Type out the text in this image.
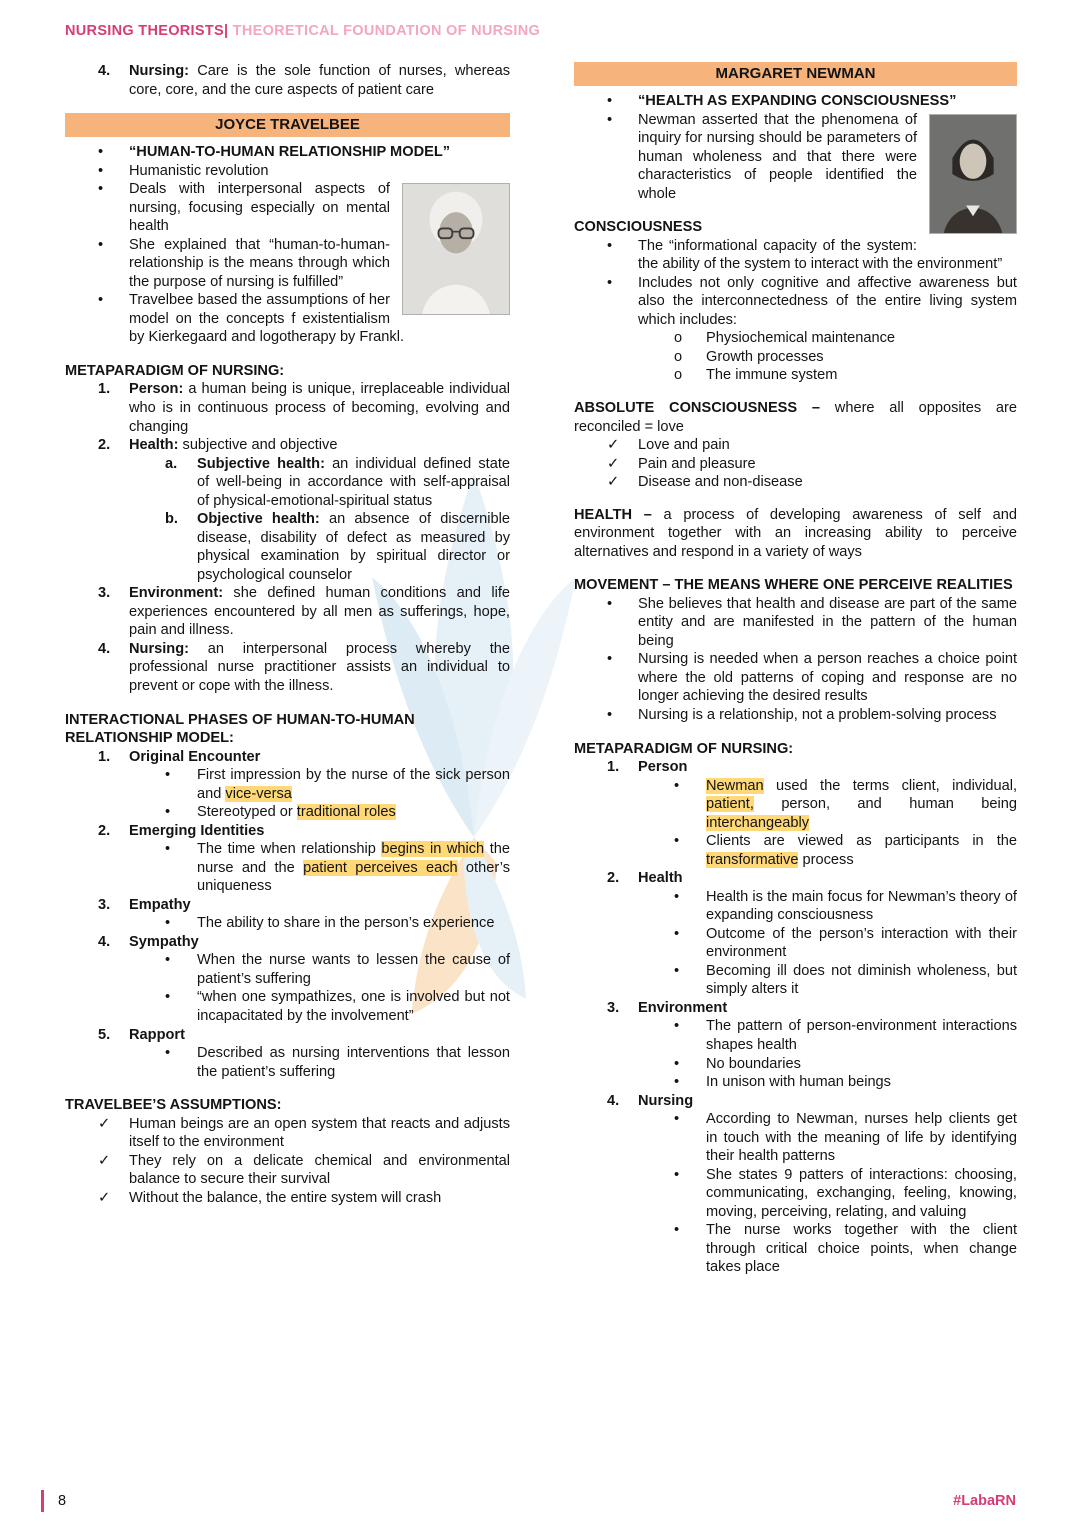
NURSING THEORISTS| THEORETICAL FOUNDATION OF NURSING
4. Nursing: Care is the sole function of nurses, whereas core, core, and the cure aspects of patient care
JOYCE TRAVELBEE
• “HUMAN-TO-HUMAN RELATIONSHIP MODEL”
• Humanistic revolution
• Deals with interpersonal aspects of nursing, focusing especially on mental health
• She explained that “human-to-human-relationship is the means through which the purpose of nursing is fulfilled”
• Travelbee based the assumptions of her model on the concepts f existentialism by Kierkegaard and logotherapy by Frankl.
METAPARADIGM OF NURSING:
1. Person: a human being is unique, irreplaceable individual who is in continuous process of becoming, evolving and changing
2. Health: subjective and objective
a. Subjective health: an individual defined state of well-being in accordance with self-appraisal of physical-emotional-spiritual status
b. Objective health: an absence of discernible disease, disability of defect as measured by physical examination by spiritual director or psychological counselor
3. Environment: she defined human conditions and life experiences encountered by all men as sufferings, hope, pain and illness.
4. Nursing: an interpersonal process whereby the professional nurse practitioner assists an individual to prevent or cope with the illness.
INTERACTIONAL PHASES OF HUMAN-TO-HUMAN RELATIONSHIP MODEL:
1. Original Encounter
• First impression by the nurse of the sick person and vice-versa
• Stereotyped or traditional roles
2. Emerging Identities
• The time when relationship begins in which the nurse and the patient perceives each other’s uniqueness
3. Empathy
• The ability to share in the person’s experience
4. Sympathy
• When the nurse wants to lessen the cause of patient’s suffering
• “when one sympathizes, one is involved but not incapacitated by the involvement”
5. Rapport
• Described as nursing interventions that lesson the patient’s suffering
TRAVELBEE’S ASSUMPTIONS:
✓ Human beings are an open system that reacts and adjusts itself to the environment
✓ They rely on a delicate chemical and environmental balance to secure their survival
✓ Without the balance, the entire system will crash
MARGARET NEWMAN
• “HEALTH AS EXPANDING CONSCIOUSNESS”
• Newman asserted that the phenomena of inquiry for nursing should be parameters of human wholeness and that there were characteristics of people identified the whole
CONSCIOUSNESS
• The “informational capacity of the system: the ability of the system to interact with the environment”
• Includes not only cognitive and affective awareness but also the interconnectedness of the entire living system which includes:
o Physiochemical maintenance
o Growth processes
o The immune system
ABSOLUTE CONSCIOUSNESS – where all opposites are reconciled = love
✓ Love and pain
✓ Pain and pleasure
✓ Disease and non-disease
HEALTH – a process of developing awareness of self and environment together with an increasing ability to perceive alternatives and respond in a variety of ways
MOVEMENT – THE MEANS WHERE ONE PERCEIVE REALITIES
• She believes that health and disease are part of the same entity and are manifested in the pattern of the human being
• Nursing is needed when a person reaches a choice point where the old patterns of coping and response are no longer achieving the desired results
• Nursing is a relationship, not a problem-solving process
METAPARADIGM OF NURSING:
1. Person
• Newman used the terms client, individual, patient, person, and human being interchangeably
• Clients are viewed as participants in the transformative process
2. Health
• Health is the main focus for Newman’s theory of expanding consciousness
• Outcome of the person’s interaction with their environment
• Becoming ill does not diminish wholeness, but simply alters it
3. Environment
• The pattern of person-environment interactions shapes health
• No boundaries
• In unison with human beings
4. Nursing
• According to Newman, nurses help clients get in touch with the meaning of life by identifying their health patterns
• She states 9 patters of interactions: choosing, communicating, exchanging, feeling, knowing, moving, perceiving, relating, and valuing
• The nurse works together with the client through critical choice points, when change takes place
8	#LabaRN
